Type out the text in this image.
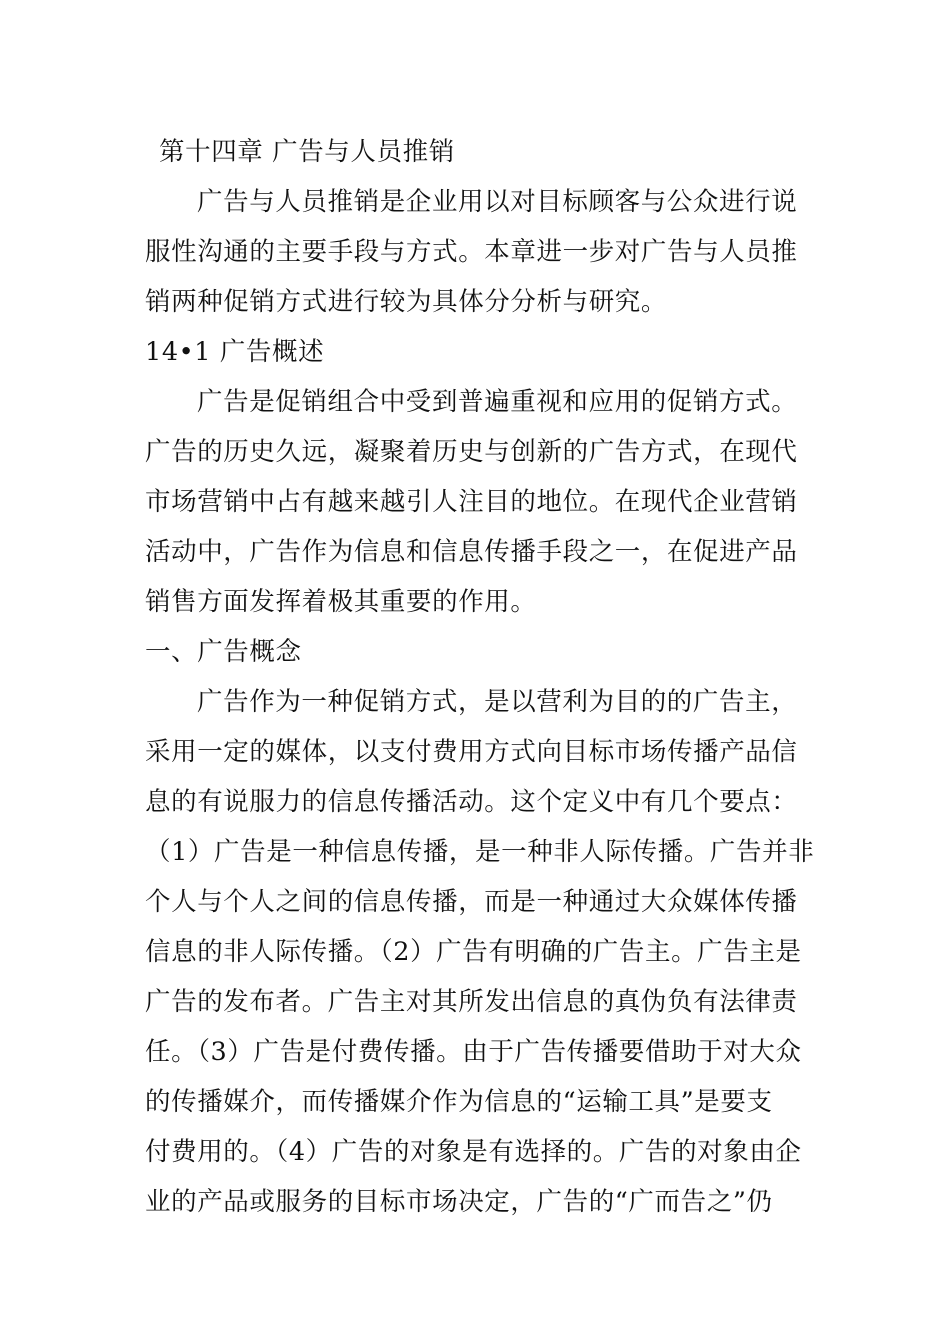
第十四章 广告与人员推销
广告与人员推销是企业用以对目标顾客与公众进行说
服性沟通的主要手段与方式。本章进一步对广告与人员推
销两种促销方式进行较为具体分分析与研究。
14•1 广告概述
广告是促销组合中受到普遍重视和应用的促销方式。
广告的历史久远，凝聚着历史与创新的广告方式，在现代
市场营销中占有越来越引人注目的地位。在现代企业营销
活动中，广告作为信息和信息传播手段之一，在促进产品
销售方面发挥着极其重要的作用。
一、广告概念
广告作为一种促销方式，是以营利为目的的广告主，
采用一定的媒体，以支付费用方式向目标市场传播产品信
息的有说服力的信息传播活动。这个定义中有几个要点：
（1）广告是一种信息传播，是一种非人际传播。广告并非
个人与个人之间的信息传播，而是一种通过大众媒体传播
信息的非人际传播。（2）广告有明确的广告主。广告主是
广告的发布者。广告主对其所发出信息的真伪负有法律责
任。（3）广告是付费传播。由于广告传播要借助于对大众
的传播媒介，而传播媒介作为信息的“运输工具”是要支
付费用的。（4）广告的对象是有选择的。广告的对象由企
业的产品或服务的目标市场决定，广告的“广而告之”仍
